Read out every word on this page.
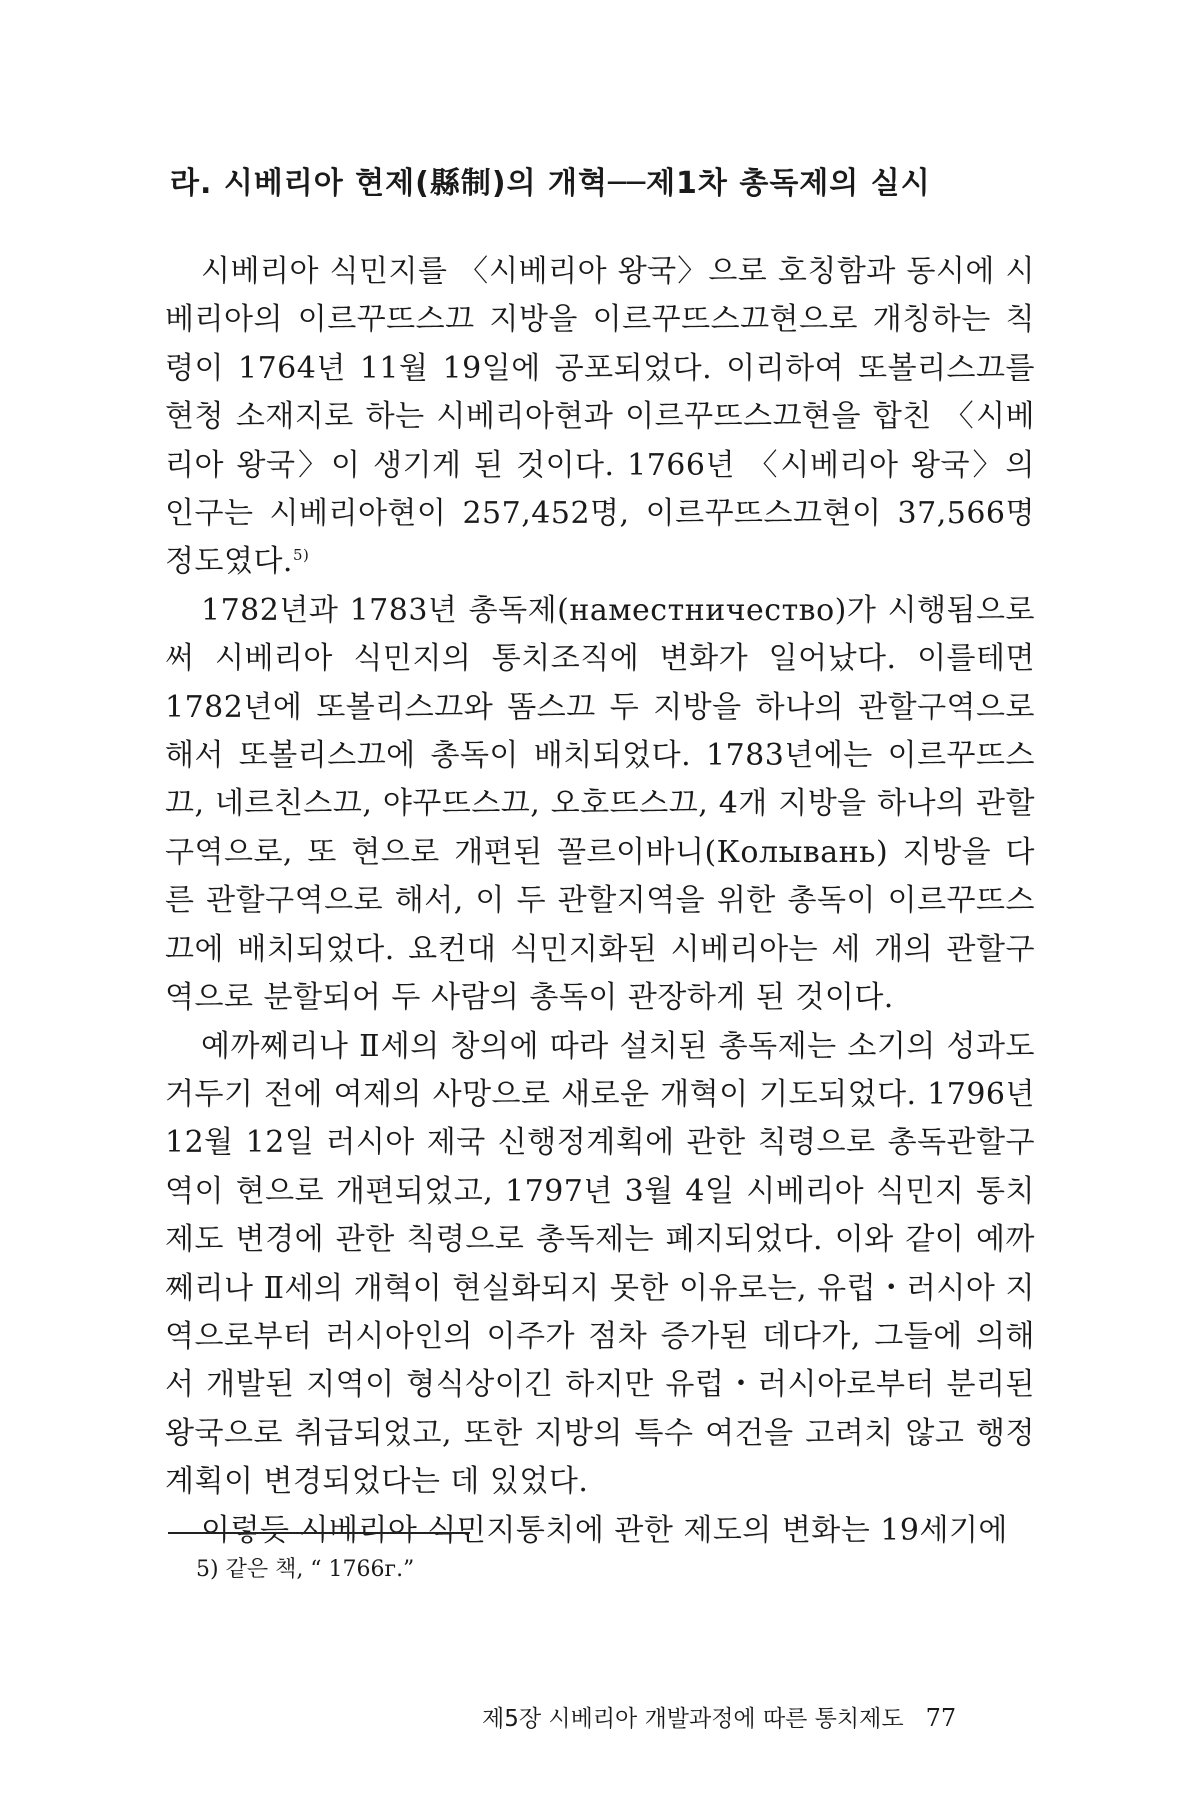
라. 시베리아 현제(縣制)의 개혁──제1차 총독제의 실시

시베리아 식민지를 〈시베리아 왕국〉으로 호칭함과 동시에 시베리아의 이르꾸뜨스끄 지방을 이르꾸뜨스끄현으로 개칭하는 칙령이 1764년 11월 19일에 공포되었다. 이리하여 또볼리스끄를 현청 소재지로 하는 시베리아현과 이르꾸뜨스끄현을 합친 〈시베리아 왕국〉이 생기게 된 것이다. 1766년 〈시베리아 왕국〉의 인구는 시베리아현이 257,452명, 이르꾸뜨스끄현이 37,566명 정도였다.$^{5)}$

1782년과 1783년 총독제(наместничество)가 시행됨으로써 시베리아 식민지의 통치조직에 변화가 일어났다. 이를테면 1782년에 또볼리스끄와 똠스끄 두 지방을 하나의 관할구역으로 해서 또볼리스끄에 총독이 배치되었다. 1783년에는 이르꾸뜨스끄, 네르친스끄, 야꾸뜨스끄, 오호뜨스끄, 4개 지방을 하나의 관할구역으로, 또 현으로 개편된 꼴르이바니(Колывань) 지방을 다른 관할구역으로 해서, 이 두 관할지역을 위한 총독이 이르꾸뜨스끄에 배치되었다. 요컨대 식민지화된 시베리아는 세 개의 관할구역으로 분할되어 두 사람의 총독이 관장하게 된 것이다.

예까쩨리나 Ⅱ세의 창의에 따라 설치된 총독제는 소기의 성과도 거두기 전에 여제의 사망으로 새로운 개혁이 기도되었다. 1796년 12월 12일 러시아 제국 신행정계획에 관한 칙령으로 총독관할구역이 현으로 개편되었고, 1797년 3월 4일 시베리아 식민지 통치제도 변경에 관한 칙령으로 총독제는 폐지되었다. 이와 같이 예까쩨리나 Ⅱ세의 개혁이 현실화되지 못한 이유로는, 유럽・러시아 지역으로부터 러시아인의 이주가 점차 증가된 데다가, 그들에 의해서 개발된 지역이 형식상이긴 하지만 유럽・러시아로부터 분리된 왕국으로 취급되었고, 또한 지방의 특수 여건을 고려치 않고 행정계획이 변경되었다는 데 있었다.

이렇듯 시베리아 식민지통치에 관한 제도의 변화는 19세기에

5) 같은 책, “ 1766г.”

제5장 시베리아 개발과정에 따른 통치제도 77
